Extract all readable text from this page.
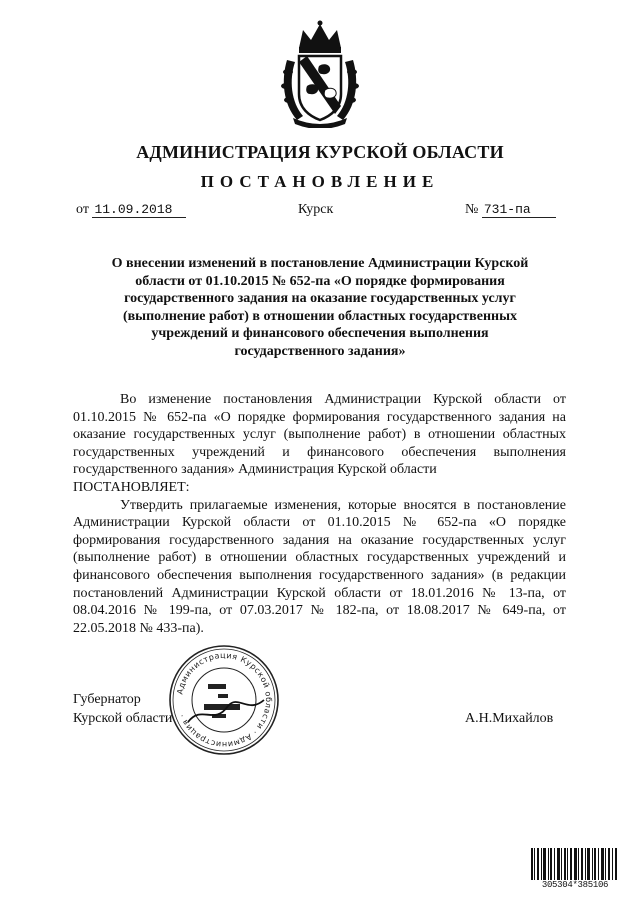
АДМИНИСТРАЦИЯ КУРСКОЙ ОБЛАСТИ
ПОСТАНОВЛЕНИЕ
от 11.09.2018	Курск	№ 731-па
О внесении изменений в постановление Администрации Курской
области от 01.10.2015 № 652-па «О порядке формирования
государственного задания на оказание государственных услуг
(выполнение работ) в отношении областных государственных
учреждений и финансового обеспечения выполнения
государственного задания»

Во изменение постановления Администрации Курской области от 01.10.2015 № 652-па «О порядке формирования государственного задания на оказание государственных услуг (выполнение работ) в отношении областных государственных учреждений и финансового обеспечения выполнения государственного задания» Администрация Курской области

ПОСТАНОВЛЯЕТ:

Утвердить прилагаемые изменения, которые вносятся в постановление Администрации Курской области от 01.10.2015 № 652-па «О порядке формирования государственного задания на оказание государственных услуг (выполнение работ) в отношении областных государственных учреждений и финансового обеспечения выполнения государственного задания» (в редакции постановлений Администрации Курской области от 18.01.2016 № 13-па, от 08.04.2016 № 199-па, от 07.03.2017 № 182-па, от 18.08.2017 № 649-па, от 22.05.2018 № 433-па).

Администрация Курской области · Администрация ·
Губернатор
Курской области	А.Н.Михайлов
305304*385106
